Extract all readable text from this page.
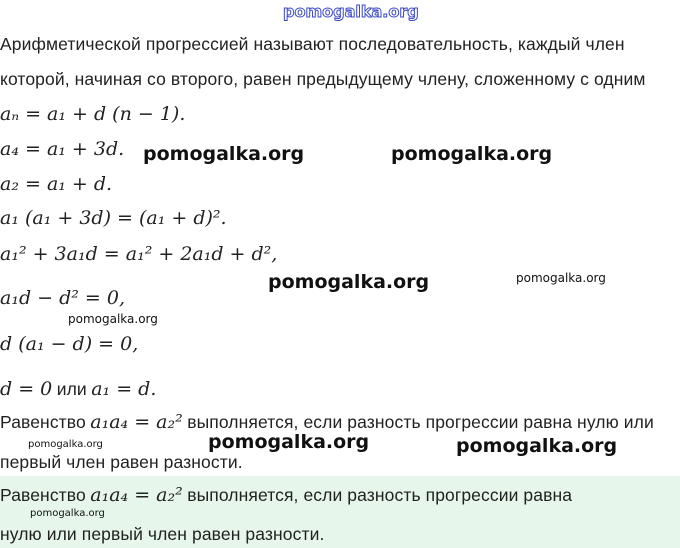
pomogalka.org
Арифметической прогрессией называют последовательность, каждый член
которой, начиная со второго, равен предыдущему члену, сложенному с одним
aₙ = a₁ + d (n − 1).
a₄ = a₁ + 3d.
a₂ = a₁ + d.
a₁ (a₁ + 3d) = (a₁ + d)².
a₁² + 3a₁d = a₁² + 2a₁d + d²,
a₁d − d² = 0,
d (a₁ − d) = 0,
d = 0 или a₁ = d.
Равенство a₁a₄ = a₂² выполняется, если разность прогрессии равна нулю или
первый член равен разности.
Равенство a₁a₄ = a₂² выполняется, если разность прогрессии равна
нулю или первый член равен разности.
pomogalka.org	pomogalka.org
pomogalka.org	pomogalka.org
pomogalka.org
pomogalka.org	pomogalka.org
pomogalka.org
pomogalka.org
